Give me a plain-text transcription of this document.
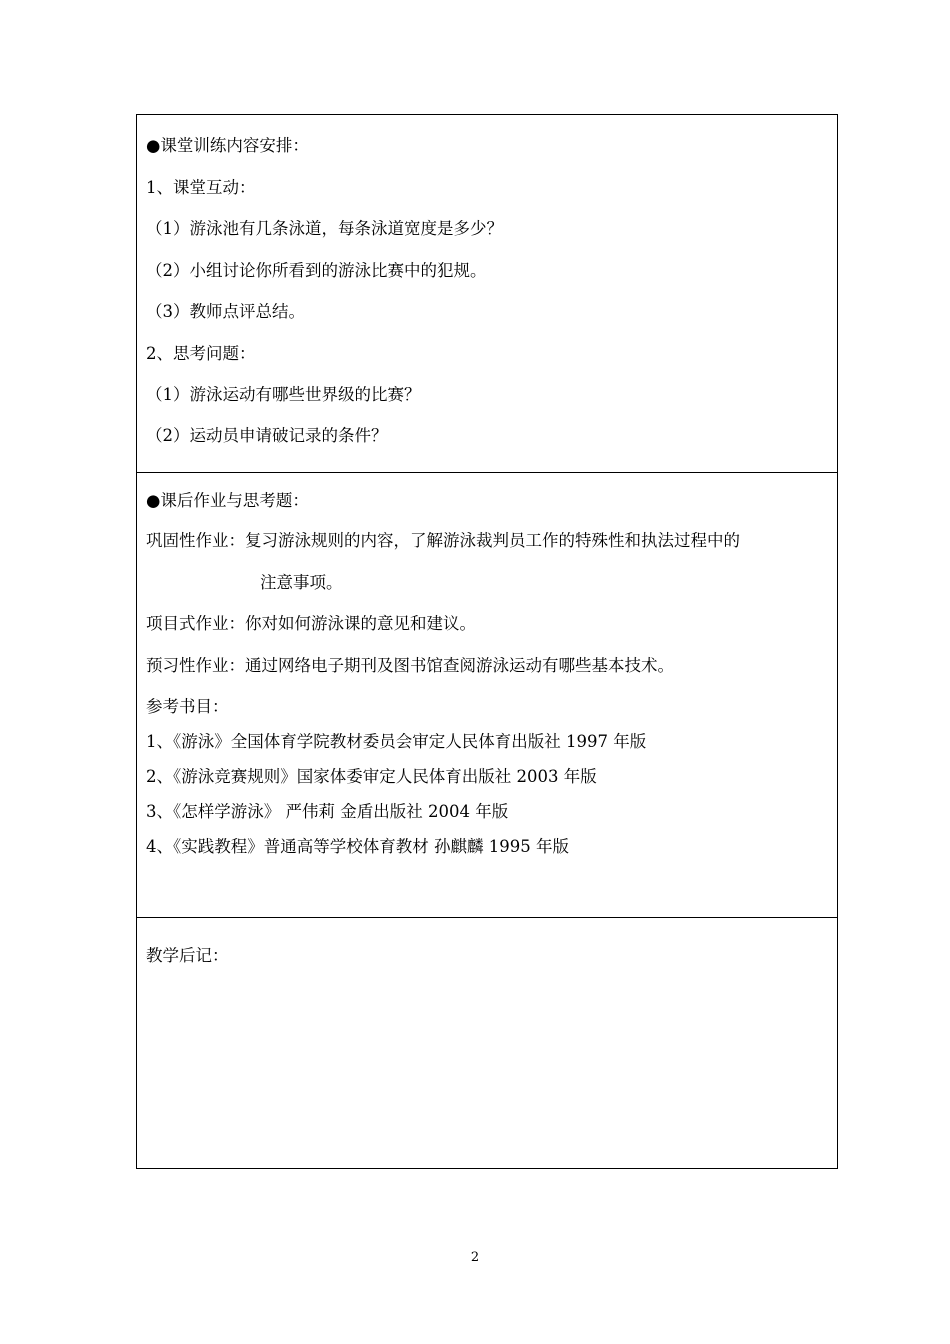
●课堂训练内容安排：
1、课堂互动：
（1）游泳池有几条泳道，每条泳道宽度是多少？
（2）小组讨论你所看到的游泳比赛中的犯规。
（3）教师点评总结。
2、思考问题：
（1）游泳运动有哪些世界级的比赛？
（2）运动员申请破记录的条件？
●课后作业与思考题：
巩固性作业：复习游泳规则的内容，了解游泳裁判员工作的特殊性和执法过程中的
注意事项。
项目式作业：你对如何游泳课的意见和建议。
预习性作业：通过网络电子期刊及图书馆查阅游泳运动有哪些基本技术。
参考书目：
1、《游泳》全国体育学院教材委员会审定人民体育出版社 1997 年版
2、《游泳竞赛规则》国家体委审定人民体育出版社 2003 年版
3、《怎样学游泳》 严伟莉 金盾出版社 2004 年版
4、《实践教程》普通高等学校体育教材 孙麒麟 1995 年版
教学后记：
2
